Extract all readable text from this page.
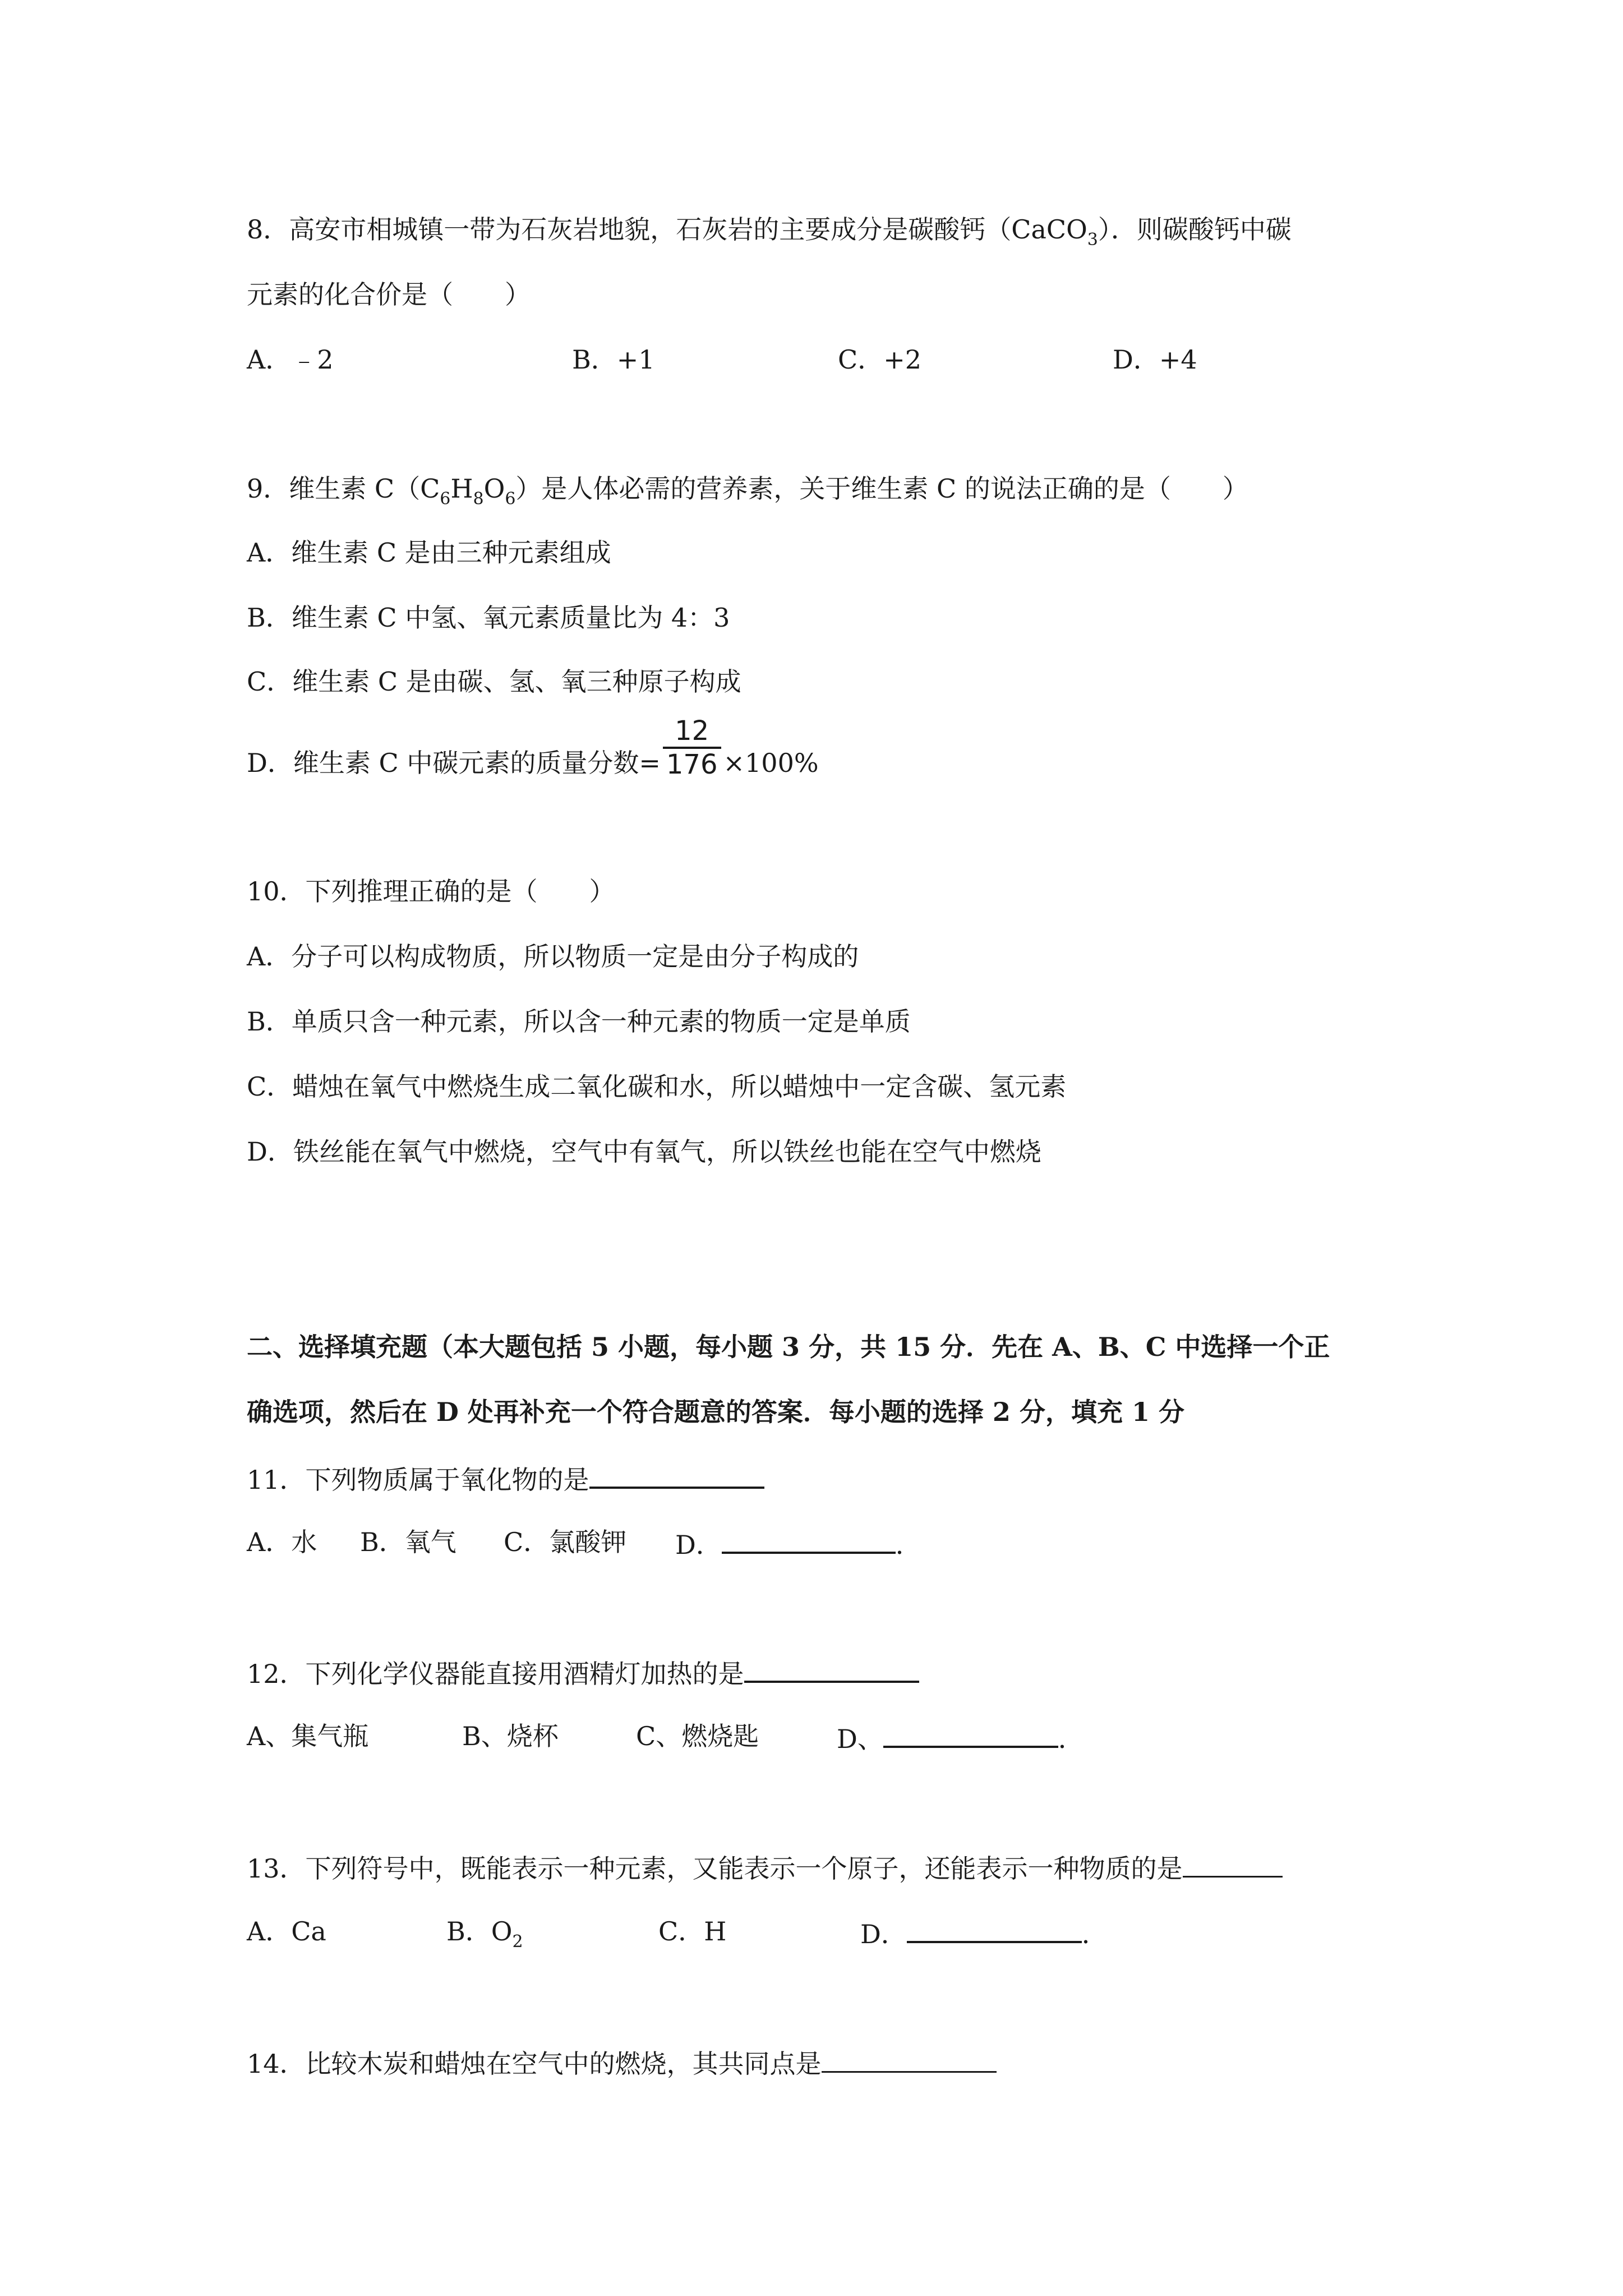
8．高安市相城镇一带为石灰岩地貌，石灰岩的主要成分是碳酸钙（CaCO$_3$）．则碳酸钙中碳
元素的化合价是（　　）
A．﹣2	B．+1	C．+2	D．+4
9．维生素 $C(C_6H_8O_6)$是人体必需的营养素，关于维生素 C 的说法正确的是（　　）
A．维生素 C 是由三种元素组成
B．维生素 C 中氢、氧元素质量比为 4：3
C．维生素 C 是由碳、氢、氧三种原子构成
D．维生素 C 中碳元素的质量分数= $\frac{12}{176} \times 100\%$
10．下列推理正确的是（　　）
A．分子可以构成物质，所以物质一定是由分子构成的
B．单质只含一种元素，所以含一种元素的物质一定是单质
C．蜡烛在氧气中燃烧生成二氧化碳和水，所以蜡烛中一定含碳、氢元素
D．铁丝能在氧气中燃烧，空气中有氧气，所以铁丝也能在空气中燃烧
二、选择填充题（本大题包括 5 小题，每小题 3 分，共 15 分．先在 A、B、C 中选择一个正
确选项，然后在 D 处再补充一个符合题意的答案．每小题的选择 2 分，填充 1 分
11．下列物质属于氧化物的是
A．水 B．氧气 C．氯酸钾 D．	．
12．下列化学仪器能直接用酒精灯加热的是
A、集气瓶	B、烧杯	C、燃烧匙	D、	．
13．下列符号中，既能表示一种元素，又能表示一个原子，还能表示一种物质的是
A．Ca	B．$O_2$	C．H	D．	．
14．比较木炭和蜡烛在空气中的燃烧，其共同点是
